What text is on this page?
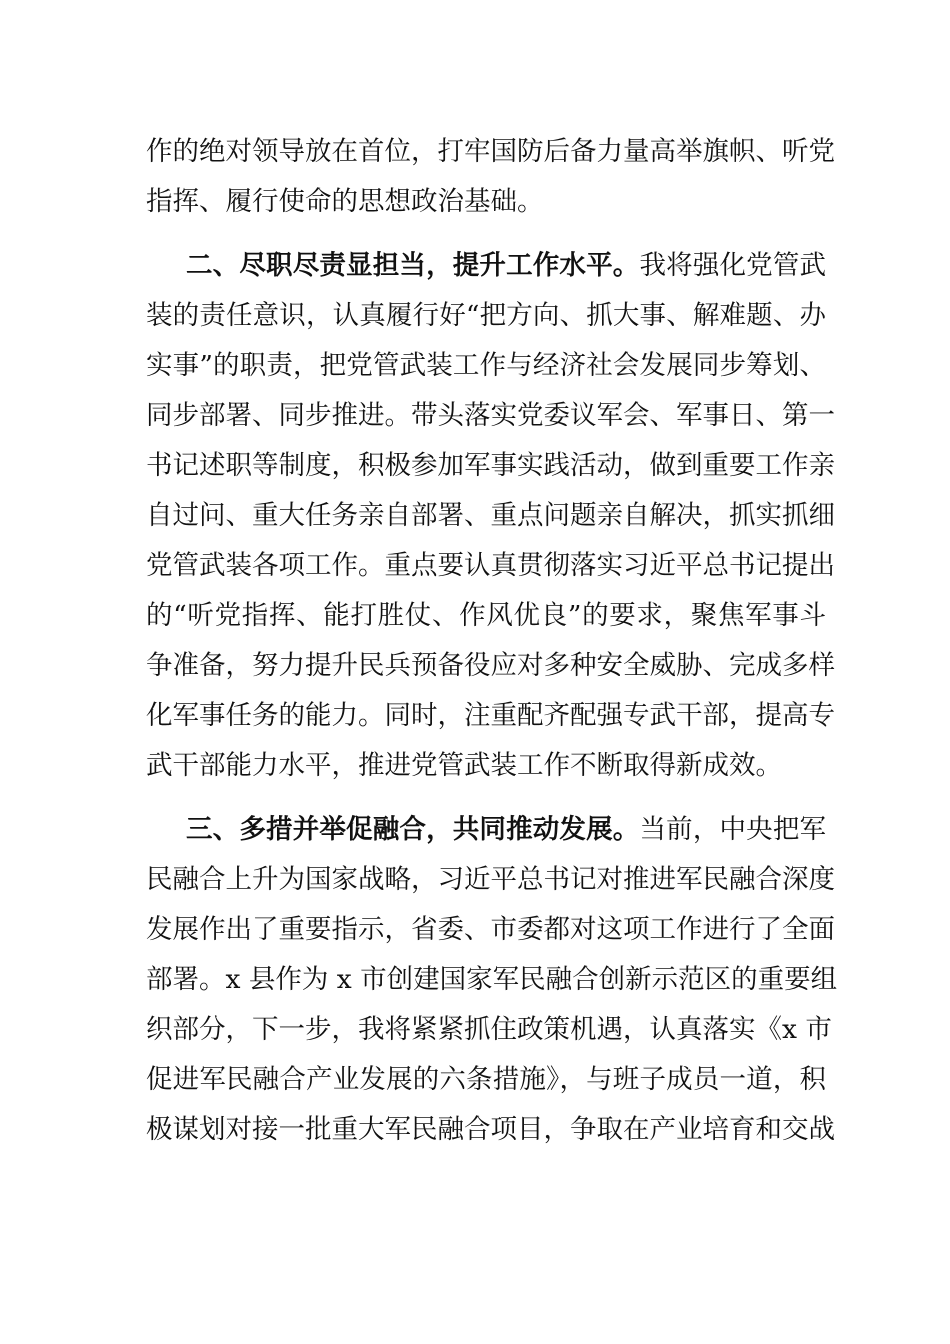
作的绝对领导放在首位，打牢国防后备力量高举旗帜、听党
指挥、履行使命的思想政治基础。
二、尽职尽责显担当，提升工作水平。我将强化党管武
装的责任意识，认真履行好“把方向、抓大事、解难题、办
实事”的职责，把党管武装工作与经济社会发展同步筹划、
同步部署、同步推进。带头落实党委议军会、军事日、第一
书记述职等制度，积极参加军事实践活动，做到重要工作亲
自过问、重大任务亲自部署、重点问题亲自解决，抓实抓细
党管武装各项工作。重点要认真贯彻落实习近平总书记提出
的“听党指挥、能打胜仗、作风优良”的要求，聚焦军事斗
争准备，努力提升民兵预备役应对多种安全威胁、完成多样
化军事任务的能力。同时，注重配齐配强专武干部，提高专
武干部能力水平，推进党管武装工作不断取得新成效。
三、多措并举促融合，共同推动发展。当前，中央把军
民融合上升为国家战略，习近平总书记对推进军民融合深度
发展作出了重要指示，省委、市委都对这项工作进行了全面
部署。x 县作为 x 市创建国家军民融合创新示范区的重要组
织部分，下一步，我将紧紧抓住政策机遇，认真落实《x 市
促进军民融合产业发展的六条措施》，与班子成员一道，积
极谋划对接一批重大军民融合项目，争取在产业培育和交战
